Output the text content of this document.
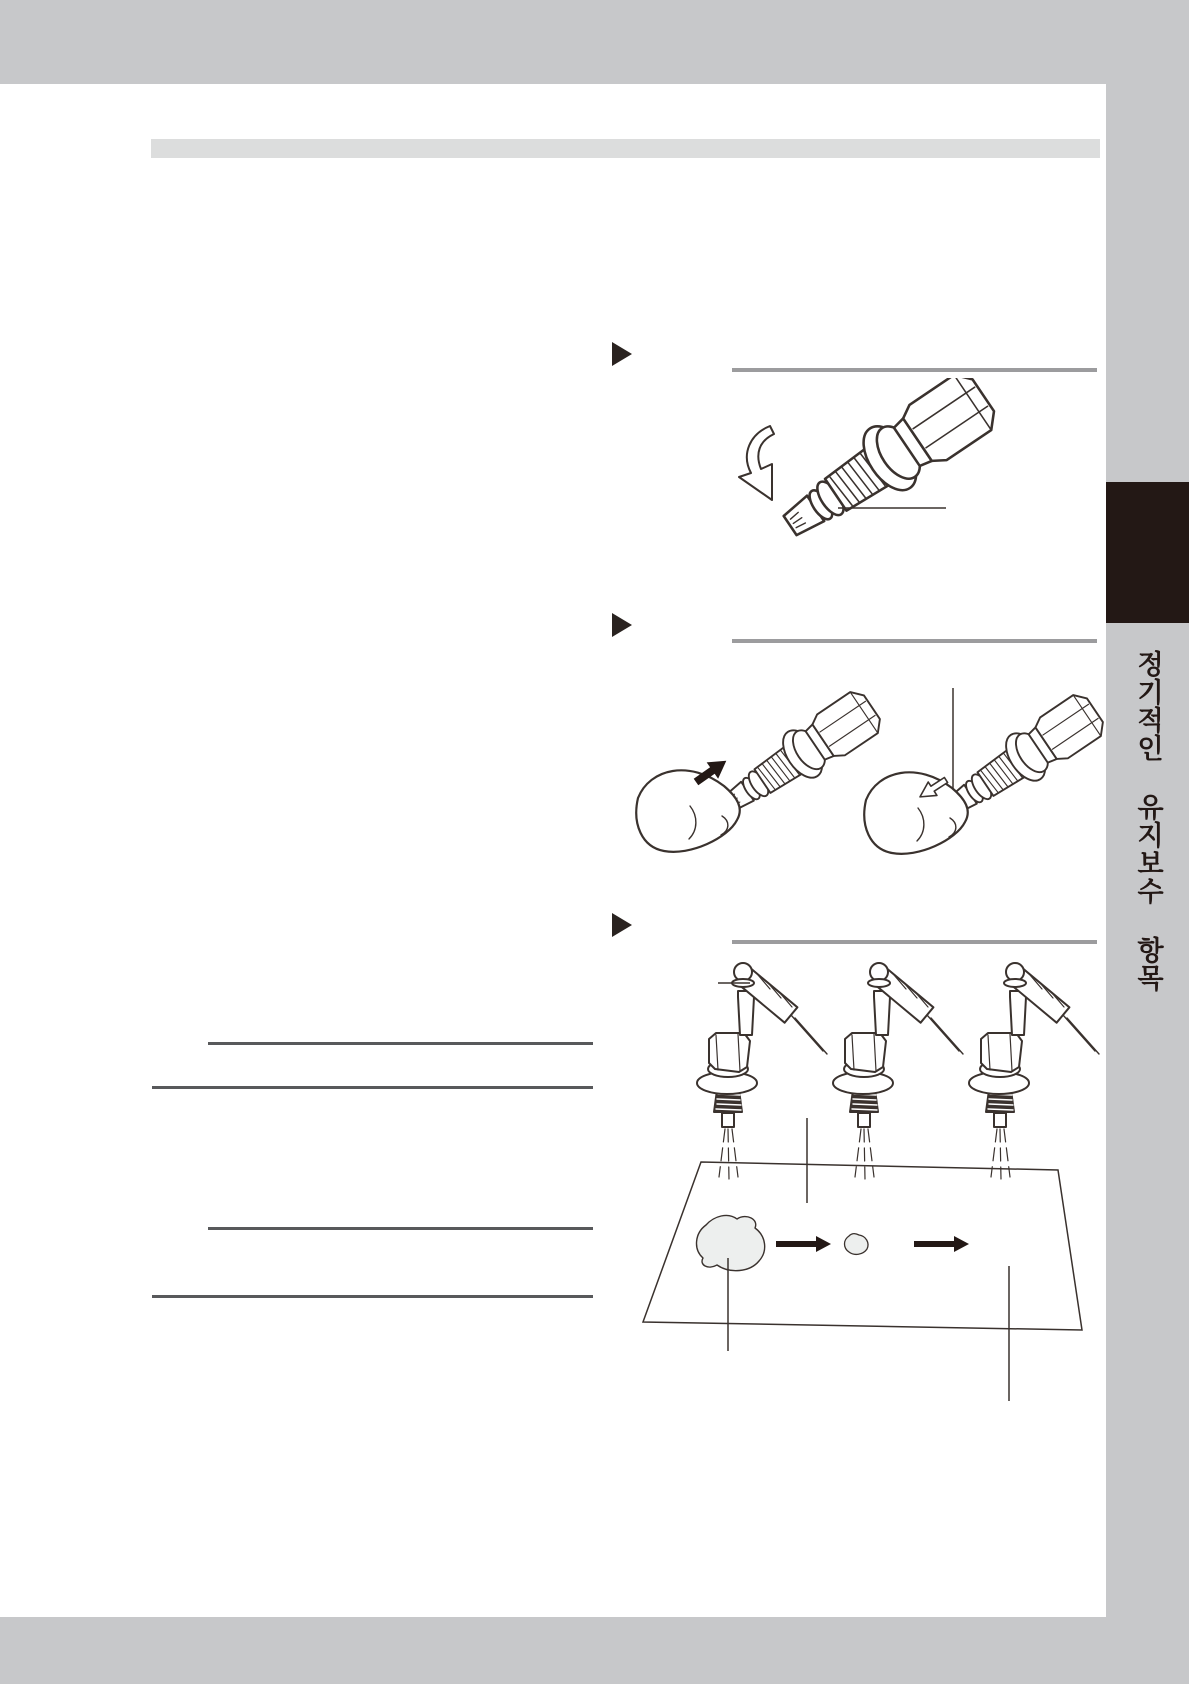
정기적인 유지보수 항목
